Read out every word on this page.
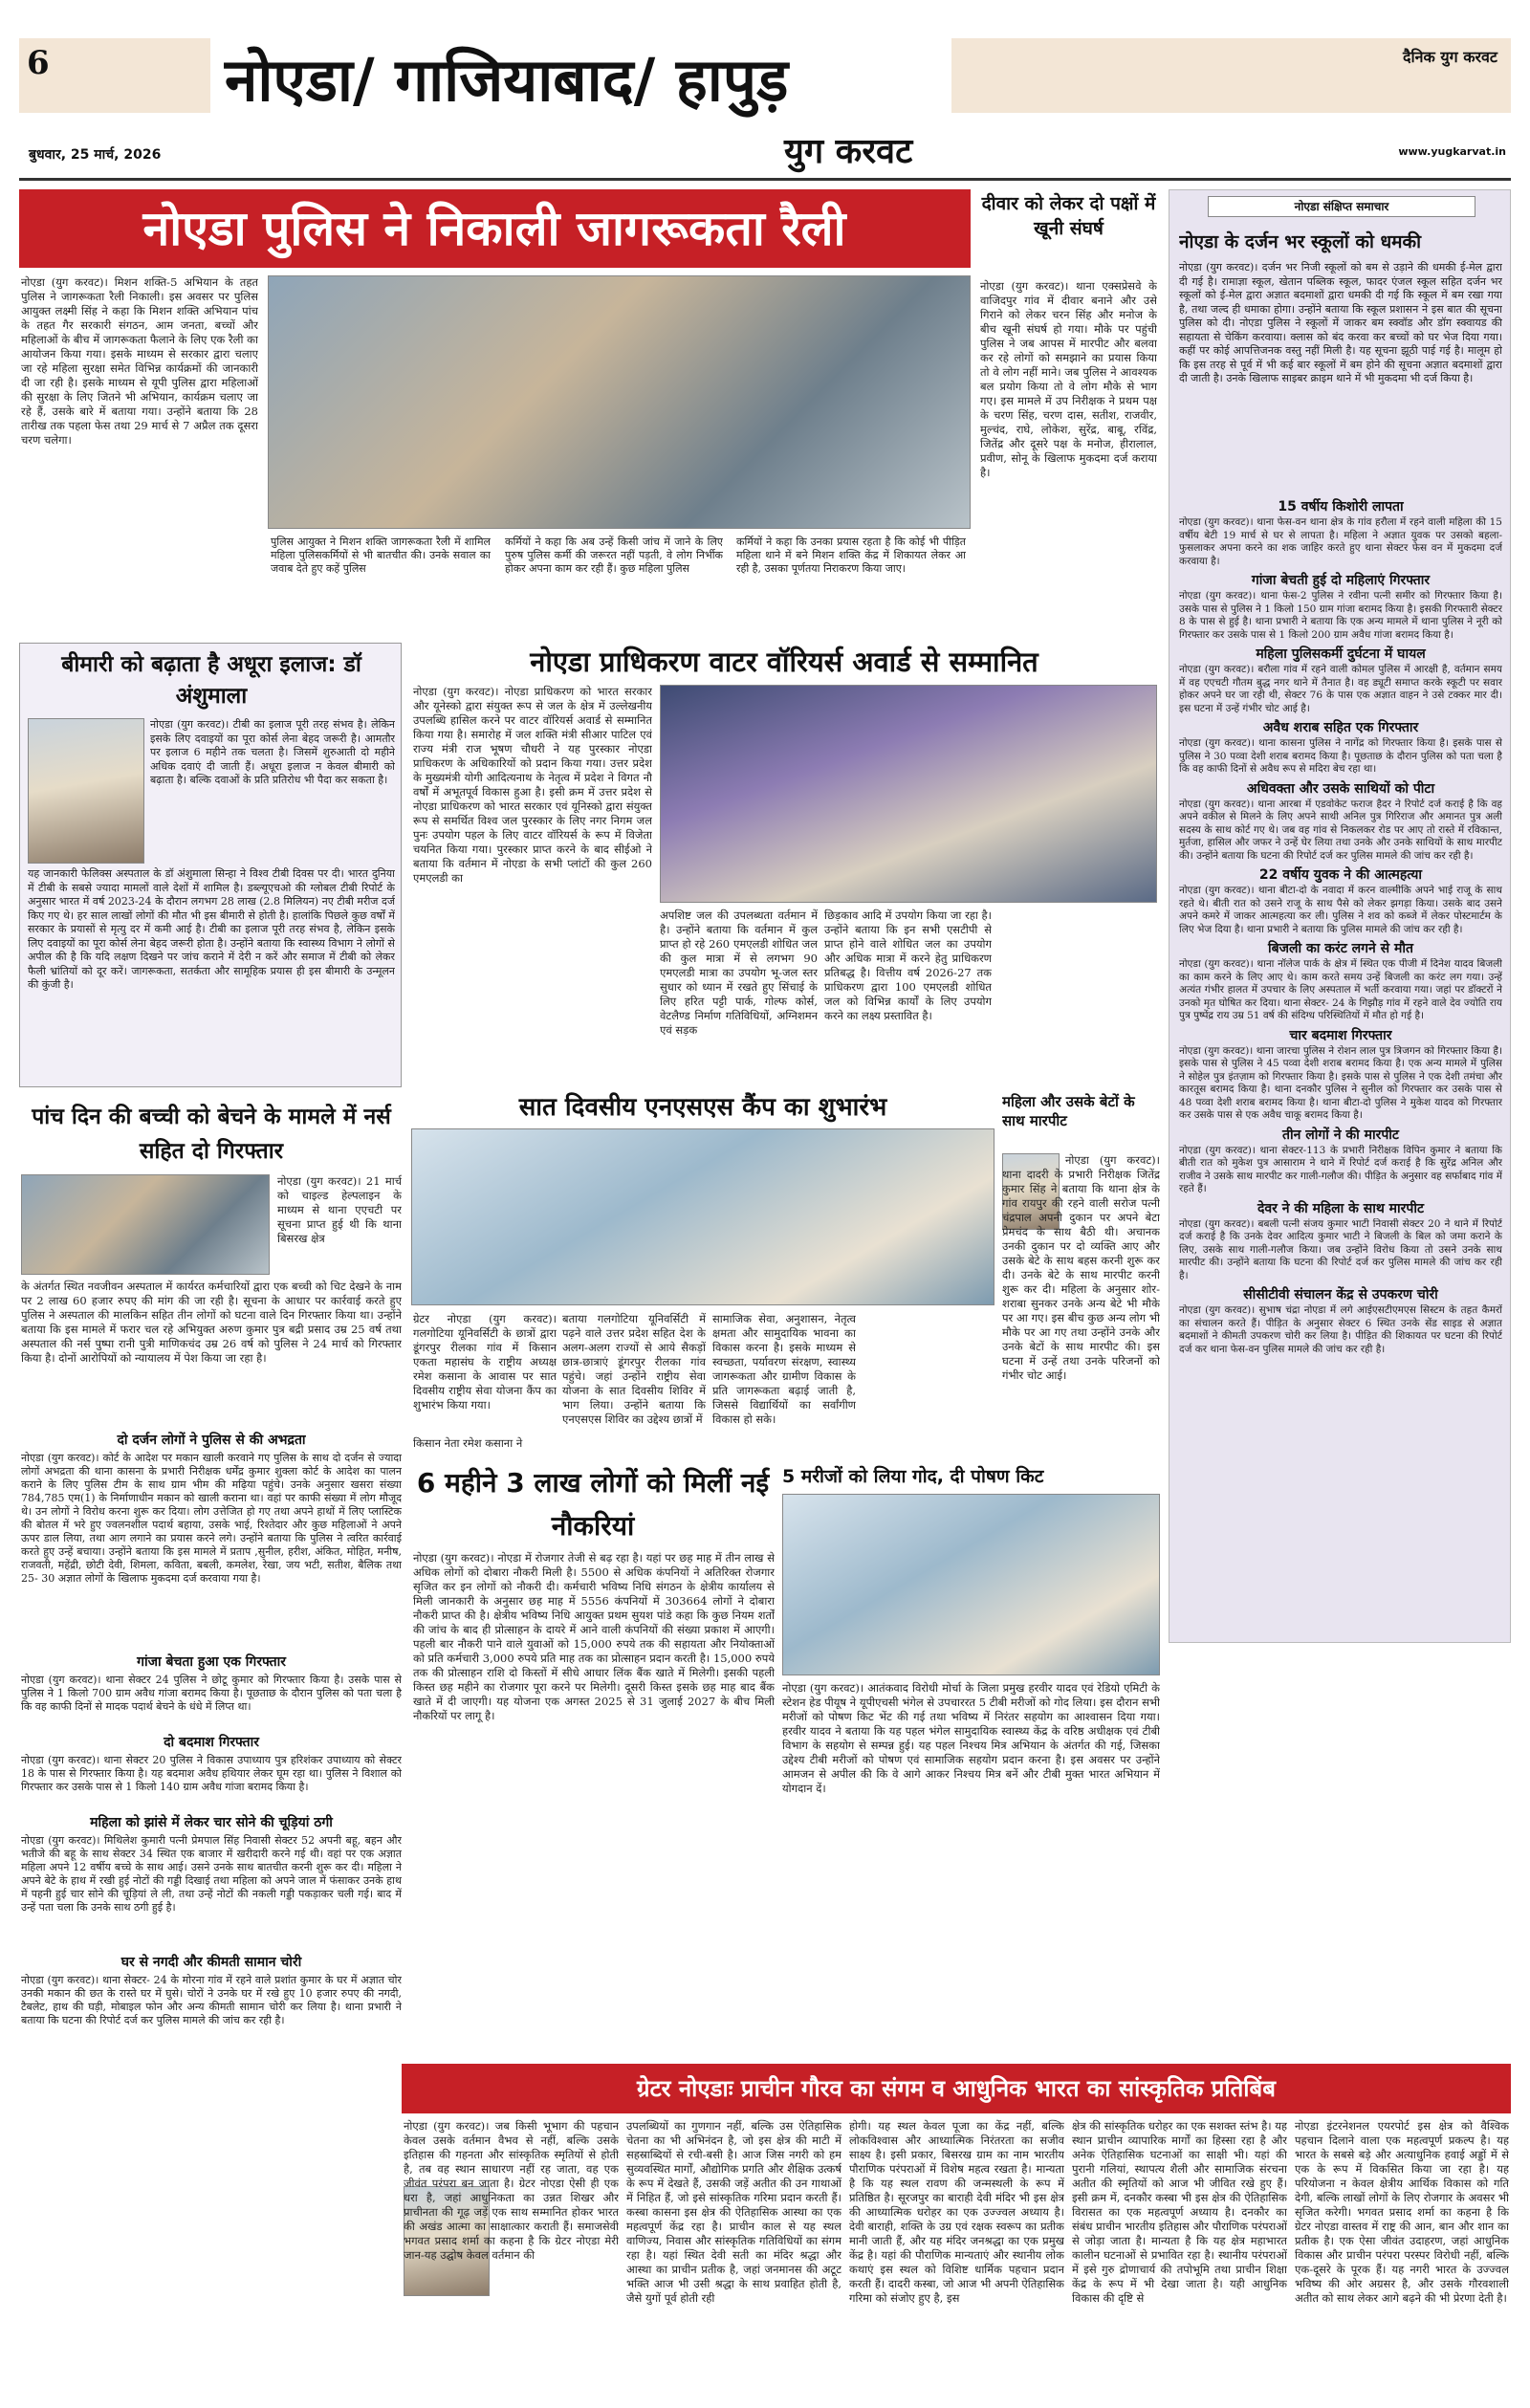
6	नोएडा/ गाजियाबाद/ हापुड़	दैनिक युग करवट
बुधवार, 25 मार्च, 2026	युग करवट	www.yugkarvat.in
नोएडा पुलिस ने निकाली जागरूकता रैली
नोएडा (युग करवट)। मिशन शक्ति-5 अभियान के तहत पुलिस ने जागरूकता रैली निकाली। इस अवसर पर पुलिस आयुक्त लक्ष्मी सिंह ने कहा कि मिशन शक्ति अभियान पांच के तहत गैर सरकारी संगठन, आम जनता, बच्चों और महिलाओं के बीच में जागरूकता फैलाने के लिए एक रैली का आयोजन किया गया। इसके माध्यम से सरकार द्वारा चलाए जा रहे महिला सुरक्षा समेत विभिन्न कार्यक्रमों की जानकारी दी जा रही है। इसके माध्यम से यूपी पुलिस द्वारा महिलाओं की सुरक्षा के लिए जितने भी अभियान, कार्यक्रम चलाए जा रहे हैं, उसके बारे में बताया गया। उन्होंने बताया कि 28 तारीख तक पहला फेस तथा 29 मार्च से 7 अप्रैल तक दूसरा चरण चलेगा।
पुलिस आयुक्त ने मिशन शक्ति जागरूकता रैली में शामिल महिला पुलिसकर्मियों से भी बातचीत की। उनके सवाल का जवाब देते हुए कहें पुलिस
कर्मियों ने कहा कि अब उन्हें किसी जांच में जाने के लिए पुरुष पुलिस कर्मी की जरूरत नहीं पड़ती, वे लोग निर्भीक होकर अपना काम कर रही हैं। कुछ महिला पुलिस
कर्मियों ने कहा कि उनका प्रयास रहता है कि कोई भी पीड़ित महिला थाने में बने मिशन शक्ति केंद्र में शिकायत लेकर आ रही है, उसका पूर्णतया निराकरण किया जाए।
दीवार को लेकर दो पक्षों में खूनी संघर्ष
नोएडा (युग करवट)। थाना एक्सप्रेसवे के वाजिदपुर गांव में दीवार बनाने और उसे गिराने को लेकर चरन सिंह और मनोज के बीच खूनी संघर्ष हो गया। मौके पर पहुंची पुलिस ने जब आपस में मारपीट और बलवा कर रहे लोगों को समझाने का प्रयास किया तो वे लोग नहीं माने। जब पुलिस ने आवश्यक बल प्रयोग किया तो वे लोग मौके से भाग गए। इस मामले में उप निरीक्षक ने प्रथम पक्ष के चरण सिंह, चरण दास, सतीश, राजवीर, मुल्चंद, राघे, लोकेश, सुरेंद्र, बाबू, रविंद्र, जितेंद्र और दूसरे पक्ष के मनोज, हीरालाल, प्रवीण, सोनू के खिलाफ मुकदमा दर्ज कराया है।
नोएडा संक्षिप्त समाचार
नोएडा के दर्जन भर स्कूलों को धमकी
नोएडा (युग करवट)। दर्जन भर निजी स्कूलों को बम से उड़ाने की धमकी ई-मेल द्वारा दी गई है। रामाज्ञा स्कूल, खेतान पब्लिक स्कूल, फादर एंजल स्कूल सहित दर्जन भर स्कूलों को ई-मेल द्वारा अज्ञात बदमाशों द्वारा धमकी दी गई कि स्कूल में बम रखा गया है, तथा जल्द ही धमाका होगा। उन्होंने बताया कि स्कूल प्रशासन ने इस बात की सूचना पुलिस को दी। नोएडा पुलिस ने स्कूलों में जाकर बम स्क्वॉड और डॉग स्क्वायड की सहायता से चेकिंग करवाया। क्लास को बंद करवा कर बच्चों को घर भेज दिया गया। कहीं पर कोई आपत्तिजनक वस्तु नहीं मिली है। यह सूचना झूठी पाई गई है। मालूम हो कि इस तरह से पूर्व में भी कई बार स्कूलों में बम होने की सूचना अज्ञात बदमाशों द्वारा दी जाती है। उनके खिलाफ साइबर क्राइम थाने में भी मुकदमा भी दर्ज किया है।
15 वर्षीय किशोरी लापता
नोएडा (युग करवट)। थाना फेस-वन थाना क्षेत्र के गांव हरौला में रहने वाली महिला की 15 वर्षीय बेटी 19 मार्च से घर से लापता है। महिला ने अज्ञात युवक पर उसको बहला-फुसलाकर अपना करने का शक जाहिर करते हुए थाना सेक्टर फेस वन में मुकदमा दर्ज करवाया है।
गांजा बेचती हुई दो महिलाएं गिरफ्तार
नोएडा (युग करवट)। थाना फेस-2 पुलिस ने रवीना पत्नी समीर को गिरफ्तार किया है। उसके पास से पुलिस ने 1 किलो 150 ग्राम गांजा बरामद किया है। इसकी गिरफ्तारी सेक्टर 8 के पास से हुई है। थाना प्रभारी ने बताया कि एक अन्य मामले में थाना पुलिस ने नूरी को गिरफ्तार कर उसके पास से 1 किलो 200 ग्राम अवैध गांजा बरामद किया है।
महिला पुलिसकर्मी दुर्घटना में घायल
नोएडा (युग करवट)। बरौला गांव में रहने वाली कोमल पुलिस में आरक्षी है, वर्तमान समय में वह एएचटी गौतम बुद्ध नगर थाने में तैनात है। वह ड्यूटी समाप्त करके स्कूटी पर सवार होकर अपने घर जा रही थी, सेक्टर 76 के पास एक अज्ञात वाहन ने उसे टक्कर मार दी। इस घटना में उन्हें गंभीर चोट आई है।
अवैध शराब सहित एक गिरफ्तार
नोएडा (युग करवट)। थाना कासना पुलिस ने नागेंद्र को गिरफ्तार किया है। इसके पास से पुलिस ने 30 पव्वा देशी शराब बरामद किया है। पूछताछ के दौरान पुलिस को पता चला है कि वह काफी दिनों से अवैध रूप से मदिरा बेच रहा था।
अधिवक्ता और उसके साथियों को पीटा
नोएडा (युग करवट)। थाना आरबा में एडवोकेट फराज हैदर ने रिपोर्ट दर्ज कराई है कि वह अपने वकील से मिलने के लिए अपने साथी अनिल पुत्र गिरिराज और अमानत पुत्र अली सदस्य के साथ कोर्ट गए थे। जब वह गांव से निकलकर रोड पर आए तो रास्ते में रविकान्त, मुर्तजा, हासिल और जफर ने उन्हें घेर लिया तथा उनके और उनके साथियों के साथ मारपीट की। उन्होंने बताया कि घटना की रिपोर्ट दर्ज कर पुलिस मामले की जांच कर रही है।
22 वर्षीय युवक ने की आत्महत्या
नोएडा (युग करवट)। थाना बीटा-दो के नवादा में करन वाल्मीकि अपने भाई राजू के साथ रहते थे। बीती रात को उसने राजू के साथ पैसे को लेकर झगड़ा किया। उसके बाद उसने अपने कमरे में जाकर आत्महत्या कर ली। पुलिस ने शव को कब्जे में लेकर पोस्टमार्टम के लिए भेज दिया है। थाना प्रभारी ने बताया कि पुलिस मामले की जांच कर रही है।
बिजली का करंट लगने से मौत
नोएडा (युग करवट)। थाना नॉलेज पार्क के क्षेत्र में स्थित एक पीजी में दिनेश यादव बिजली का काम करने के लिए आए थे। काम करते समय उन्हें बिजली का करंट लग गया। उन्हें अत्यंत गंभीर हालत में उपचार के लिए अस्पताल में भर्ती करवाया गया। जहां पर डॉक्टरों ने उनको मृत घोषित कर दिया। थाना सेक्टर- 24 के गिझौड़ गांव में रहने वाले देव ज्योति राय पुत्र पुष्पेंद्र राय उम्र 51 वर्ष की संदिग्ध परिस्थितियों में मौत हो गई है।
चार बदमाश गिरफ्तार
नोएडा (युग करवट)। थाना जारचा पुलिस ने रोशन लाल पुत्र त्रिजगन को गिरफ्तार किया है। इसके पास से पुलिस ने 45 पव्वा देशी शराब बरामद किया है। एक अन्य मामले में पुलिस ने सोहेल पुत्र इंतज़ाम को गिरफ्तार किया है। इसके पास से पुलिस ने एक देशी तमंचा और कारतूस बरामद किया है। थाना दनकौर पुलिस ने सुनील को गिरफ्तार कर उसके पास से 48 पव्वा देशी शराब बरामद किया है। थाना बीटा-दो पुलिस ने मुकेश यादव को गिरफ्तार कर उसके पास से एक अवैध चाकू बरामद किया है।
तीन लोगों ने की मारपीट
नोएडा (युग करवट)। थाना सेक्टर-113 के प्रभारी निरीक्षक विपिन कुमार ने बताया कि बीती रात को मुकेश पुत्र आसाराम ने थाने में रिपोर्ट दर्ज कराई है कि सुरेंद्र अनिल और राजीव ने उसके साथ मारपीट कर गाली-गलौज की। पीड़ित के अनुसार वह सर्फाबाद गांव में रहते हैं।
देवर ने की महिला के साथ मारपीट
नोएडा (युग करवट)। बबली पत्नी संजय कुमार भाटी निवासी सेक्टर 20 ने थाने में रिपोर्ट दर्ज कराई है कि उनके देवर आदित्य कुमार भाटी ने बिजली के बिल को जमा कराने के लिए, उसके साथ गाली-गलौज किया। जब उन्होंने विरोध किया तो उसने उनके साथ मारपीट की। उन्होंने बताया कि घटना की रिपोर्ट दर्ज कर पुलिस मामले की जांच कर रही है।
सीसीटीवी संचालन केंद्र से उपकरण चोरी
नोएडा (युग करवट)। सुभाष चंद्रा नोएडा में लगे आईएसटीएमएस सिस्टम के तहत कैमरों का संचालन करते हैं। पीड़ित के अनुसार सेक्टर 6 स्थित उनके सेंड साइड से अज्ञात बदमाशों ने कीमती उपकरण चोरी कर लिया है। पीड़ित की शिकायत पर घटना की रिपोर्ट दर्ज कर थाना फेस-वन पुलिस मामले की जांच कर रही है।
बीमारी को बढ़ाता है अधूरा इलाज: डॉ अंशुमाला
नोएडा (युग करवट)। टीबी का इलाज पूरी तरह संभव है। लेकिन इसके लिए दवाइयों का पूरा कोर्स लेना बेहद जरूरी है। आमतौर पर इलाज 6 महीने तक चलता है। जिसमें शुरुआती दो महीने अधिक दवाएं दी जाती हैं। अधूरा इलाज न केवल बीमारी को बढ़ाता है। बल्कि दवाओं के प्रति प्रतिरोध भी पैदा कर सकता है।
यह जानकारी फेलिक्स अस्पताल के डॉ अंशुमाला सिन्हा ने विश्व टीबी दिवस पर दी। भारत दुनिया में टीबी के सबसे ज्यादा मामलों वाले देशों में शामिल है। डब्ल्यूएचओ की ग्लोबल टीबी रिपोर्ट के अनुसार भारत में वर्ष 2023-24 के दौरान लगभग 28 लाख (2.8 मिलियन) नए टीबी मरीज दर्ज किए गए थे। हर साल लाखों लोगों की मौत भी इस बीमारी से होती है। हालांकि पिछले कुछ वर्षों में सरकार के प्रयासों से मृत्यु दर में कमी आई है। टीबी का इलाज पूरी तरह संभव है, लेकिन इसके लिए दवाइयों का पूरा कोर्स लेना बेहद जरूरी होता है। उन्होंने बताया कि स्वास्थ्य विभाग ने लोगों से अपील की है कि यदि लक्षण दिखने पर जांच कराने में देरी न करें और समाज में टीबी को लेकर फैली भ्रांतियों को दूर करें। जागरूकता, सतर्कता और सामूहिक प्रयास ही इस बीमारी के उन्मूलन की कुंजी है।
नोएडा प्राधिकरण वाटर वॉरियर्स अवार्ड से सम्मानित
नोएडा (युग करवट)। नोएडा प्राधिकरण को भारत सरकार और यूनेस्को द्वारा संयुक्त रूप से जल के क्षेत्र में उल्लेखनीय उपलब्धि हासिल करने पर वाटर वॉरियर्स अवार्ड से सम्मानित किया गया है। समारोह में जल शक्ति मंत्री सीआर पाटिल एवं राज्य मंत्री राज भूषण चौधरी ने यह पुरस्कार नोएडा प्राधिकरण के अधिकारियों को प्रदान किया गया। उत्तर प्रदेश के मुख्यमंत्री योगी आदित्यनाथ के नेतृत्व में प्रदेश ने विगत नौ वर्षों में अभूतपूर्व विकास हुआ है। इसी क्रम में उत्तर प्रदेश से नोएडा प्राधिकरण को भारत सरकार एवं यूनिस्को द्वारा संयुक्त रूप से समर्थित विश्व जल पुरस्कार के लिए नगर निगम जल पुनः उपयोग पहल के लिए वाटर वॉरियर्स के रूप में विजेता चयनित किया गया। पुरस्कार प्राप्त करने के बाद सीईओ ने बताया कि वर्तमान में नोएडा के सभी प्लांटों की कुल 260 एमएलडी का
अपशिष्ट जल की उपलब्धता वर्तमान में है। उन्होंने बताया कि वर्तमान में कुल प्राप्त हो रहे 260 एमएलडी शोधित जल की कुल मात्रा में से लगभग 90 एमएलडी मात्रा का उपयोग भू-जल स्तर सुधार को ध्यान में रखते हुए सिंचाई के लिए हरित पट्टी पार्क, गोल्फ कोर्स, वेटलैण्ड निर्माण गतिविधियों, अग्निशमन एवं सड़क
छिड़काव आदि में उपयोग किया जा रहा है। उन्होंने बताया कि इन सभी एसटीपी से प्राप्त होने वाले शोधित जल का उपयोग और अधिक मात्रा में करने हेतु प्राधिकरण प्रतिबद्ध है। वित्तीय वर्ष 2026-27 तक प्राधिकरण द्वारा 100 एमएलडी शोधित जल को विभिन्न कार्यों के लिए उपयोग करने का लक्ष्य प्रस्तावित है।
सात दिवसीय एनएसएस कैंप का शुभारंभ
ग्रेटर नोएडा (युग करवट)। गलगोटिया यूनिवर्सिटी के छात्रों द्वारा डूंगरपुर रीलका गांव में किसान एकता महासंघ के राष्ट्रीय अध्यक्ष रमेश कसाना के आवास पर सात दिवसीय राष्ट्रीय सेवा योजना कैंप का शुभारंभ किया गया।
बताया गलगोटिया यूनिवर्सिटी में पढ़ने वाले उत्तर प्रदेश सहित देश के अलग-अलग राज्यों से आये सैकड़ों छात्र-छात्राएं डूंगरपुर रीलका गांव पहुंचे। जहां उन्होंने राष्ट्रीय सेवा योजना के सात दिवसीय शिविर में भाग लिया। उन्होंने बताया कि एनएसएस शिविर का उद्देश्य छात्रों में
सामाजिक सेवा, अनुशासन, नेतृत्व क्षमता और सामुदायिक भावना का विकास करना है। इसके माध्यम से स्वच्छता, पर्यावरण संरक्षण, स्वास्थ्य जागरूकता और ग्रामीण विकास के प्रति जागरूकता बढ़ाई जाती है, जिससे विद्यार्थियों का सर्वांगीण विकास हो सके।
किसान नेता रमेश कसाना ने
महिला और उसके बेटों के साथ मारपीट
नोएडा (युग करवट)। थाना दादरी के प्रभारी निरीक्षक जितेंद्र कुमार सिंह ने बताया कि थाना क्षेत्र के गांव रायपुर की रहने वाली सरोज पत्नी चंद्रपाल अपनी दुकान पर अपने बेटा प्रेमचंद के साथ बैठी थी। अचानक उनकी दुकान पर दो व्यक्ति आए और उसके बेटे के साथ बहस करनी शुरू कर दी। उनके बेटे के साथ मारपीट करनी शुरू कर दी। महिला के अनुसार शोर-शराबा सुनकर उनके अन्य बेटे भी मौके पर आ गए। इस बीच कुछ अन्य लोग भी मौके पर आ गए तथा उन्होंने उनके और उनके बेटों के साथ मारपीट की। इस घटना में उन्हें तथा उनके परिजनों को गंभीर चोट आई।
पांच दिन की बच्ची को बेचने के मामले में नर्स सहित दो गिरफ्तार
नोएडा (युग करवट)। 21 मार्च को चाइल्ड हेल्पलाइन के माध्यम से थाना एएचटी पर सूचना प्राप्त हुई थी कि थाना बिसरख क्षेत्र
के अंतर्गत स्थित नवजीवन अस्पताल में कार्यरत कर्मचारियों द्वारा एक बच्ची को चिट देखने के नाम पर 2 लाख 60 हजार रुपए की मांग की जा रही है। सूचना के आधार पर कार्रवाई करते हुए पुलिस ने अस्पताल की मालकिन सहित तीन लोगों को घटना वाले दिन गिरफ्तार किया था। उन्होंने बताया कि इस मामले में फरार चल रहे अभियुक्त अरुण कुमार पुत्र बद्री प्रसाद उम्र 25 वर्ष तथा अस्पताल की नर्स पुष्पा रानी पुत्री माणिकचंद उम्र 26 वर्ष को पुलिस ने 24 मार्च को गिरफ्तार किया है। दोनों आरोपियों को न्यायालय में पेश किया जा रहा है।
दो दर्जन लोगों ने पुलिस से की अभद्रता
नोएडा (युग करवट)। कोर्ट के आदेश पर मकान खाली करवाने गए पुलिस के साथ दो दर्जन से ज्यादा लोगों अभद्रता की थाना कासना के प्रभारी निरीक्षक धर्मेंद्र कुमार शुक्ला कोर्ट के आदेश का पालन कराने के लिए पुलिस टीम के साथ ग्राम भीम की मढ़िया पहुंचे। उनके अनुसार खसरा संख्या 784,785 एम(1) के निर्माणाधीन मकान को खाली कराना था। वहां पर काफी संख्या में लोग मौजूद थे। उन लोगों ने विरोध करना शुरू कर दिया। लोग उत्तेजित हो गए तथा अपने हाथों में लिए प्लास्टिक की बोतल में भरे हुए ज्वलनशील पदार्थ बहाया, उसके भाई, रिश्तेदार और कुछ महिलाओं ने अपने ऊपर डाल लिया, तथा आग लगाने का प्रयास करने लगे। उन्होंने बताया कि पुलिस ने त्वरित कार्रवाई करते हुए उन्हें बचाया। उन्होंने बताया कि इस मामले में प्रताप ,सुनील, हरीश, अंकित, मोहित, मनीष, राजवती, महेंद्री, छोटी देवी, शिमला, कविता, बबली, कमलेश, रेखा, जय भटी, सतीश, बैलिक तथा 25- 30 अज्ञात लोगों के खिलाफ मुकदमा दर्ज करवाया गया है।
गांजा बेचता हुआ एक गिरफ्तार
नोएडा (युग करवट)। थाना सेक्टर 24 पुलिस ने छोटू कुमार को गिरफ्तार किया है। उसके पास से पुलिस ने 1 किलो 700 ग्राम अवैध गांजा बरामद किया है। पूछताछ के दौरान पुलिस को पता चला है कि वह काफी दिनों से मादक पदार्थ बेचने के धंधे में लिप्त था।
दो बदमाश गिरफ्तार
नोएडा (युग करवट)। थाना सेक्टर 20 पुलिस ने विकास उपाध्याय पुत्र हरिशंकर उपाध्याय को सेक्टर 18 के पास से गिरफ्तार किया है। यह बदमाश अवैध हथियार लेकर घूम रहा था। पुलिस ने विशाल को गिरफ्तार कर उसके पास से 1 किलो 140 ग्राम अवैध गांजा बरामद किया है।
महिला को झांसे में लेकर चार सोने की चूड़ियां ठगी
नोएडा (युग करवट)। मिथिलेश कुमारी पत्नी प्रेमपाल सिंह निवासी सेक्टर 52 अपनी बहू, बहन और भतीजे की बहू के साथ सेक्टर 34 स्थित एक बाजार में खरीदारी करने गई थी। वहां पर एक अज्ञात महिला अपने 12 वर्षीय बच्चे के साथ आई। उसने उनके साथ बातचीत करनी शुरू कर दी। महिला ने अपने बेटे के हाथ में रखी हुई नोटों की गड्डी दिखाई तथा महिला को अपने जाल में फंसाकर उनके हाथ में पहनी हुई चार सोने की चूड़ियां ले ली, तथा उन्हें नोटों की नकली गड्डी पकड़ाकर चली गई। बाद में उन्हें पता चला कि उनके साथ ठगी हुई है।
घर से नगदी और कीमती सामान चोरी
नोएडा (युग करवट)। थाना सेक्टर- 24 के मोरना गांव में रहने वाले प्रशांत कुमार के घर में अज्ञात चोर उनकी मकान की छत के रास्ते घर में घुसे। चोरों ने उनके घर में रखे हुए 10 हजार रुपए की नगदी, टैबलेट, हाथ की घड़ी, मोबाइल फोन और अन्य कीमती सामान चोरी कर लिया है। थाना प्रभारी ने बताया कि घटना की रिपोर्ट दर्ज कर पुलिस मामले की जांच कर रही है।
6 महीने 3 लाख लोगों को मिलीं नई नौकरियां
नोएडा (युग करवट)। नोएडा में रोजगार तेजी से बढ़ रहा है। यहां पर छह माह में तीन लाख से अधिक लोगों को दोबारा नौकरी मिली है। 5500 से अधिक कंपनियों ने अतिरिक्त रोजगार सृजित कर इन लोगों को नौकरी दी। कर्मचारी भविष्य निधि संगठन के क्षेत्रीय कार्यालय से मिली जानकारी के अनुसार छह माह में 5556 कंपनियों में 303664 लोगों ने दोबारा नौकरी प्राप्त की है। क्षेत्रीय भविष्य निधि आयुक्त प्रथम सुयश पांडे कहा कि कुछ नियम शर्तों की जांच के बाद ही प्रोत्साहन के दायरे में आने वाली कंपनियों की संख्या प्रकाश में आएगी। पहली बार नौकरी पाने वाले युवाओं को 15,000 रुपये तक की सहायता और नियोक्ताओं को प्रति कर्मचारी 3,000 रुपये प्रति माह तक का प्रोत्साहन प्रदान करती है। 15,000 रुपये तक की प्रोत्साहन राशि दो किस्तों में सीधे आधार लिंक बैंक खाते में मिलेगी। इसकी पहली किस्त छह महीने का रोजगार पूरा करने पर मिलेगी। दूसरी किस्त इसके छह माह बाद बैंक खाते में दी जाएगी। यह योजना एक अगस्त 2025 से 31 जुलाई 2027 के बीच मिली नौकरियों पर लागू है।
5 मरीजों को लिया गोद, दी पोषण किट
नोएडा (युग करवट)। आतंकवाद विरोधी मोर्चा के जिला प्रमुख हरवीर यादव एवं रेडियो एमिटी के स्टेशन हेड पीयूष ने यूपीएचसी भंगेल से उपचाररत 5 टीबी मरीजों को गोद लिया। इस दौरान सभी मरीजों को पोषण किट भेंट की गई तथा भविष्य में निरंतर सहयोग का आश्वासन दिया गया। हरवीर यादव ने बताया कि यह पहल भंगेल सामुदायिक स्वास्थ्य केंद्र के वरिष्ठ अधीक्षक एवं टीबी विभाग के सहयोग से सम्पन्न हुई। यह पहल निश्चय मित्र अभियान के अंतर्गत की गई, जिसका उद्देश्य टीबी मरीजों को पोषण एवं सामाजिक सहयोग प्रदान करना है। इस अवसर पर उन्होंने आमजन से अपील की कि वे आगे आकर निश्चय मित्र बनें और टीबी मुक्त भारत अभियान में योगदान दें।
ग्रेटर नोएडाः प्राचीन गौरव का संगम व आधुनिक भारत का सांस्कृतिक प्रतिबिंब
नोएडा (युग करवट)। जब किसी भूभाग की पहचान केवल उसके वर्तमान वैभव से नहीं, बल्कि उसके इतिहास की गहनता और सांस्कृतिक स्मृतियों से होती है, तब वह स्थान साधारण नहीं रह जाता, वह एक जीवंत परंपरा बन जाता है। ग्रेटर नोएडा ऐसी ही एक धरा है, जहां आधुनिकता का उन्नत शिखर और प्राचीनता की गूढ़ जड़ें एक साथ सम्मानित होकर भारत की अखंड आत्मा का साक्षात्कार कराती हैं। समाजसेवी भगवत प्रसाद शर्मा का कहना है कि ग्रेटर नोएडा मेरी जान-यह उद्घोष केवल वर्तमान की
उपलब्धियों का गुणगान नहीं, बल्कि उस ऐतिहासिक चेतना का भी अभिनंदन है, जो इस क्षेत्र की माटी में सहस्राब्दियों से रची-बसी है। आज जिस नगरी को हम सुव्यवस्थित मार्गों, औद्योगिक प्रगति और शैक्षिक उत्कर्ष के रूप में देखते हैं, उसकी जड़ें अतीत की उन गाथाओं में निहित हैं, जो इसे सांस्कृतिक गरिमा प्रदान करती हैं। कस्बा कासना इस क्षेत्र की ऐतिहासिक आस्था का एक महत्वपूर्ण केंद्र रहा है। प्राचीन काल से यह स्थल वाणिज्य, निवास और सांस्कृतिक गतिविधियों का संगम रहा है। यहां स्थित देवी सती का मंदिर श्रद्धा और आस्था का प्राचीन प्रतीक है, जहां जनमानस की अटूट भक्ति आज भी उसी श्रद्धा के साथ प्रवाहित होती है, जैसे युगों पूर्व होती रही
होगी। यह स्थल केवल पूजा का केंद्र नहीं, बल्कि लोकविश्वास और आध्यात्मिक निरंतरता का सजीव साक्ष्य है। इसी प्रकार, बिसरख ग्राम का नाम भारतीय पौराणिक परंपराओं में विशेष महत्व रखता है। मान्यता है कि यह स्थल रावण की जन्मस्थली के रूप में प्रतिष्ठित है। सूरजपुर का बाराही देवी मंदिर भी इस क्षेत्र की आध्यात्मिक धरोहर का एक उज्ज्वल अध्याय है। देवी बाराही, शक्ति के उग्र एवं रक्षक स्वरूप का प्रतीक मानी जाती हैं, और यह मंदिर जनश्रद्धा का एक प्रमुख केंद्र है। यहां की पौराणिक मान्यताएं और स्थानीय लोक कथाएं इस स्थल को विशिष्ट धार्मिक पहचान प्रदान करती हैं। दादरी कस्बा, जो आज भी अपनी ऐतिहासिक गरिमा को संजोए हुए है, इस
क्षेत्र की सांस्कृतिक धरोहर का एक सशक्त स्तंभ है। यह स्थान प्राचीन व्यापारिक मार्गों का हिस्सा रहा है और अनेक ऐतिहासिक घटनाओं का साक्षी भी। यहां की पुरानी गलियां, स्थापत्य शैली और सामाजिक संरचना अतीत की स्मृतियों को आज भी जीवित रखे हुए हैं। इसी क्रम में, दनकौर कस्बा भी इस क्षेत्र की ऐतिहासिक विरासत का एक महत्वपूर्ण अध्याय है। दनकौर का संबंध प्राचीन भारतीय इतिहास और पौराणिक परंपराओं से जोड़ा जाता है। मान्यता है कि यह क्षेत्र महाभारत कालीन घटनाओं से प्रभावित रहा है। स्थानीय परंपराओं में इसे गुरु द्रोणाचार्य की तपोभूमि तथा प्राचीन शिक्षा केंद्र के रूप में भी देखा जाता है। यही आधुनिक विकास की दृष्टि से
नोएडा इंटरनेशनल एयरपोर्ट इस क्षेत्र को वैश्विक पहचान दिलाने वाला एक महत्वपूर्ण प्रकल्प है। यह भारत के सबसे बड़े और अत्याधुनिक हवाई अड्डों में से एक के रूप में विकसित किया जा रहा है। यह परियोजना न केवल क्षेत्रीय आर्थिक विकास को गति देगी, बल्कि लाखों लोगों के लिए रोजगार के अवसर भी सृजित करेगी। भगवत प्रसाद शर्मा का कहना है कि ग्रेटर नोएडा वास्तव में राष्ट्र की आन, बान और शान का प्रतीक है। एक ऐसा जीवंत उदाहरण, जहां आधुनिक विकास और प्राचीन परंपरा परस्पर विरोधी नहीं, बल्कि एक-दूसरे के पूरक हैं। यह नगरी भारत के उज्ज्वल भविष्य की ओर अग्रसर है, और उसके गौरवशाली अतीत को साथ लेकर आगे बढ़ने की भी प्रेरणा देती है।
